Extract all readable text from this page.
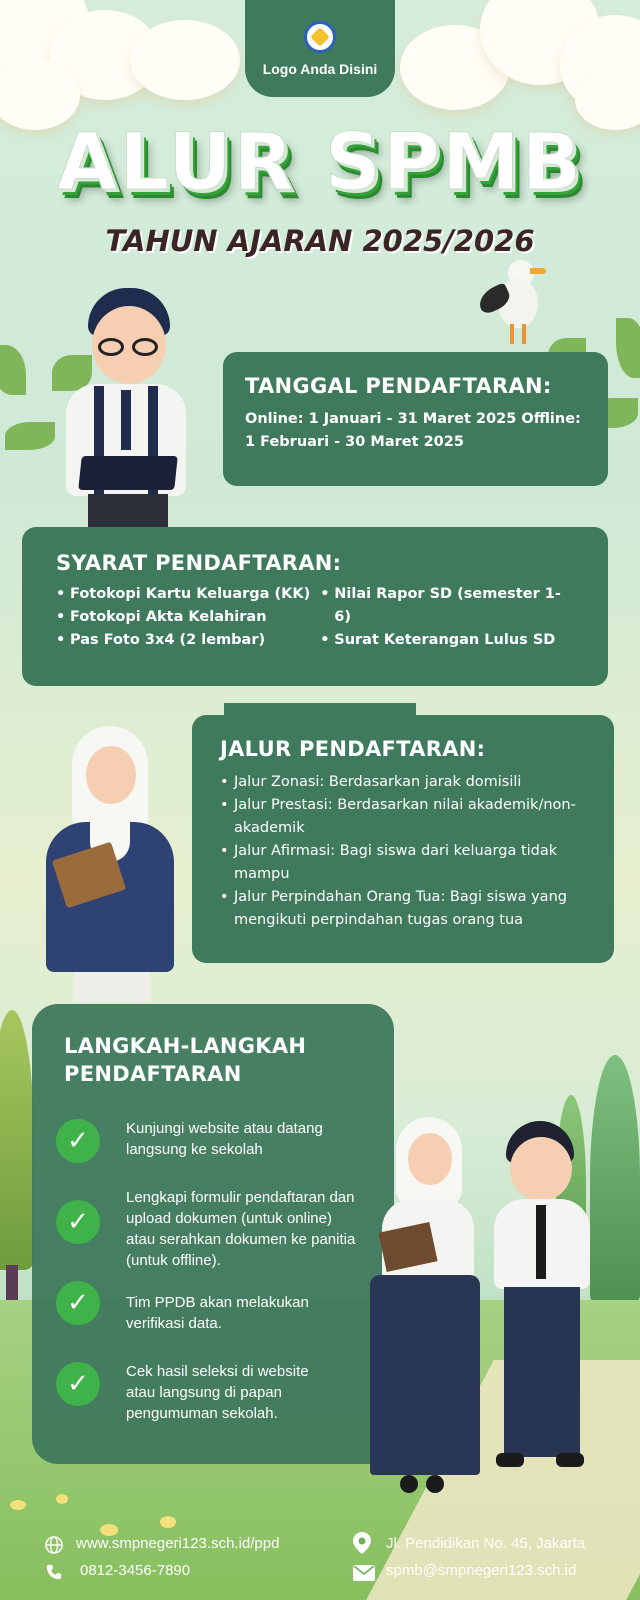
Logo Anda Disini
ALUR SPMB
TAHUN AJARAN 2025/2026
TANGGAL PENDAFTARAN:

Online: 1 Januari - 31 Maret 2025 Offline: 1 Februari - 30 Maret 2025

SYARAT PENDAFTARAN:
• Fotokopi Kartu Keluarga (KK)
• Fotokopi Akta Kelahiran
• Pas Foto 3x4 (2 lembar)
• Nilai Rapor SD (semester 1-6)
• Surat Keterangan Lulus SD
JALUR PENDAFTARAN:
• Jalur Zonasi: Berdasarkan jarak domisili
• Jalur Prestasi: Berdasarkan nilai akademik/non-akademik
• Jalur Afirmasi: Bagi siswa dari keluarga tidak mampu
• Jalur Perpindahan Orang Tua: Bagi siswa yang mengikuti perpindahan tugas orang tua
LANGKAH-LANGKAH
PENDAFTARAN
✓	Kunjungi website atau datang langsung ke sekolah
✓
Lengkapi formulir pendaftaran dan upload dokumen (untuk online) atau serahkan dokumen ke panitia (untuk offline).
✓	Tim PPDB akan melakukan verifikasi data.
✓	Cek hasil seleksi di website atau langsung di papan pengumuman sekolah.
www.smpnegeri123.sch.id/ppd
0812-3456-7890
Jl. Pendidikan No. 45, Jakarta
spmb@smpnegeri123.sch.id
